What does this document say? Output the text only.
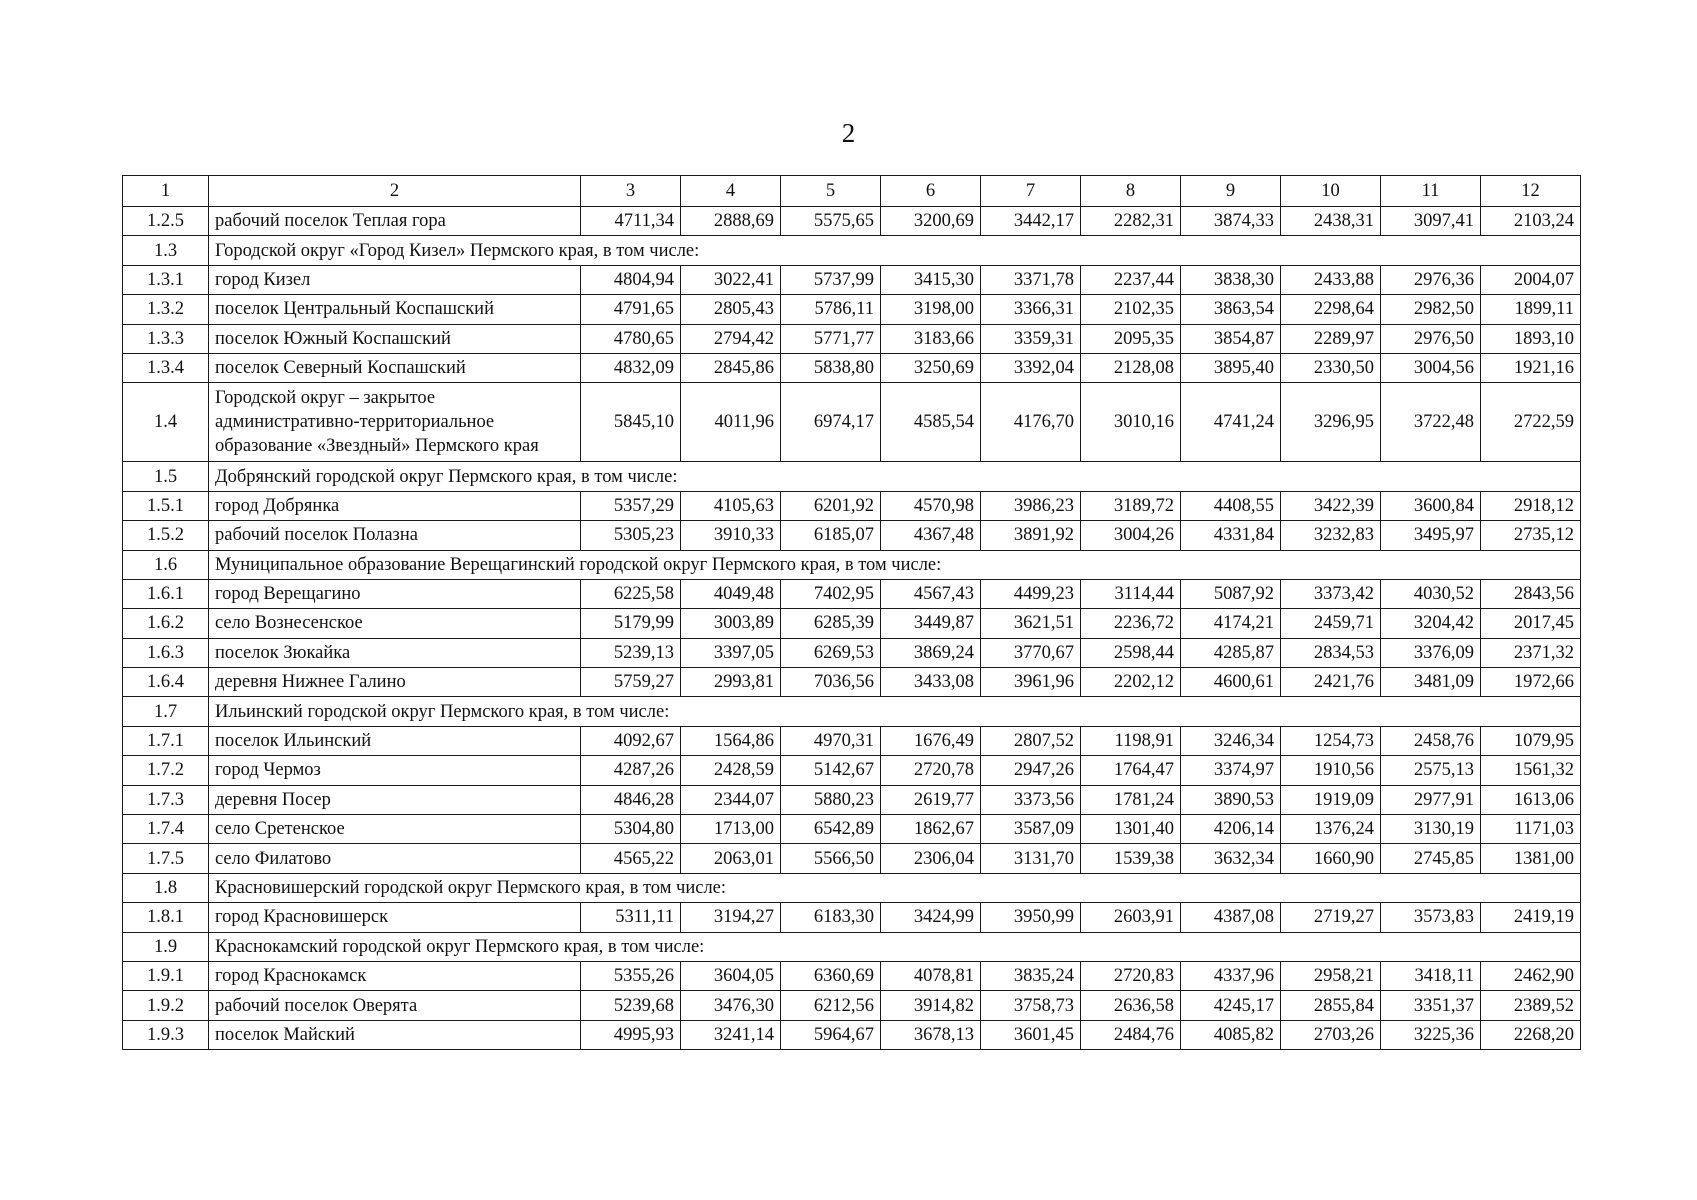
2
1	2	3	4	5	6	7	8	9	10	11	12
1.2.5	рабочий поселок Теплая гора	4711,34	2888,69	5575,65	3200,69	3442,17	2282,31	3874,33	2438,31	3097,41	2103,24
1.3	Городской округ «Город Кизел» Пермского края, в том числе:										
1.3.1	город Кизел	4804,94	3022,41	5737,99	3415,30	3371,78	2237,44	3838,30	2433,88	2976,36	2004,07
1.3.2	поселок Центральный Коспашский	4791,65	2805,43	5786,11	3198,00	3366,31	2102,35	3863,54	2298,64	2982,50	1899,11
1.3.3	поселок Южный Коспашский	4780,65	2794,42	5771,77	3183,66	3359,31	2095,35	3854,87	2289,97	2976,50	1893,10
1.3.4	поселок Северный Коспашский	4832,09	2845,86	5838,80	3250,69	3392,04	2128,08	3895,40	2330,50	3004,56	1921,16
1.4	Городской округ – закрытое
административно-территориальное
образование «Звездный» Пермского края	5845,10	4011,96	6974,17	4585,54	4176,70	3010,16	4741,24	3296,95	3722,48	2722,59
1.5	Добрянский городской округ Пермского края, в том числе:										
1.5.1	город Добрянка	5357,29	4105,63	6201,92	4570,98	3986,23	3189,72	4408,55	3422,39	3600,84	2918,12
1.5.2	рабочий поселок Полазна	5305,23	3910,33	6185,07	4367,48	3891,92	3004,26	4331,84	3232,83	3495,97	2735,12
1.6	Муниципальное образование Верещагинский городской округ Пермского края, в том числе:										
1.6.1	город Верещагино	6225,58	4049,48	7402,95	4567,43	4499,23	3114,44	5087,92	3373,42	4030,52	2843,56
1.6.2	село Вознесенское	5179,99	3003,89	6285,39	3449,87	3621,51	2236,72	4174,21	2459,71	3204,42	2017,45
1.6.3	поселок Зюкайка	5239,13	3397,05	6269,53	3869,24	3770,67	2598,44	4285,87	2834,53	3376,09	2371,32
1.6.4	деревня Нижнее Галино	5759,27	2993,81	7036,56	3433,08	3961,96	2202,12	4600,61	2421,76	3481,09	1972,66
1.7	Ильинский городской округ Пермского края, в том числе:										
1.7.1	поселок Ильинский	4092,67	1564,86	4970,31	1676,49	2807,52	1198,91	3246,34	1254,73	2458,76	1079,95
1.7.2	город Чермоз	4287,26	2428,59	5142,67	2720,78	2947,26	1764,47	3374,97	1910,56	2575,13	1561,32
1.7.3	деревня Посер	4846,28	2344,07	5880,23	2619,77	3373,56	1781,24	3890,53	1919,09	2977,91	1613,06
1.7.4	село Сретенское	5304,80	1713,00	6542,89	1862,67	3587,09	1301,40	4206,14	1376,24	3130,19	1171,03
1.7.5	село Филатово	4565,22	2063,01	5566,50	2306,04	3131,70	1539,38	3632,34	1660,90	2745,85	1381,00
1.8	Красновишерский городской округ Пермского края, в том числе:										
1.8.1	город Красновишерск	5311,11	3194,27	6183,30	3424,99	3950,99	2603,91	4387,08	2719,27	3573,83	2419,19
1.9	Краснокамский городской округ Пермского края, в том числе:										
1.9.1	город Краснокамск	5355,26	3604,05	6360,69	4078,81	3835,24	2720,83	4337,96	2958,21	3418,11	2462,90
1.9.2	рабочий поселок Оверята	5239,68	3476,30	6212,56	3914,82	3758,73	2636,58	4245,17	2855,84	3351,37	2389,52
1.9.3	поселок Майский	4995,93	3241,14	5964,67	3678,13	3601,45	2484,76	4085,82	2703,26	3225,36	2268,20
